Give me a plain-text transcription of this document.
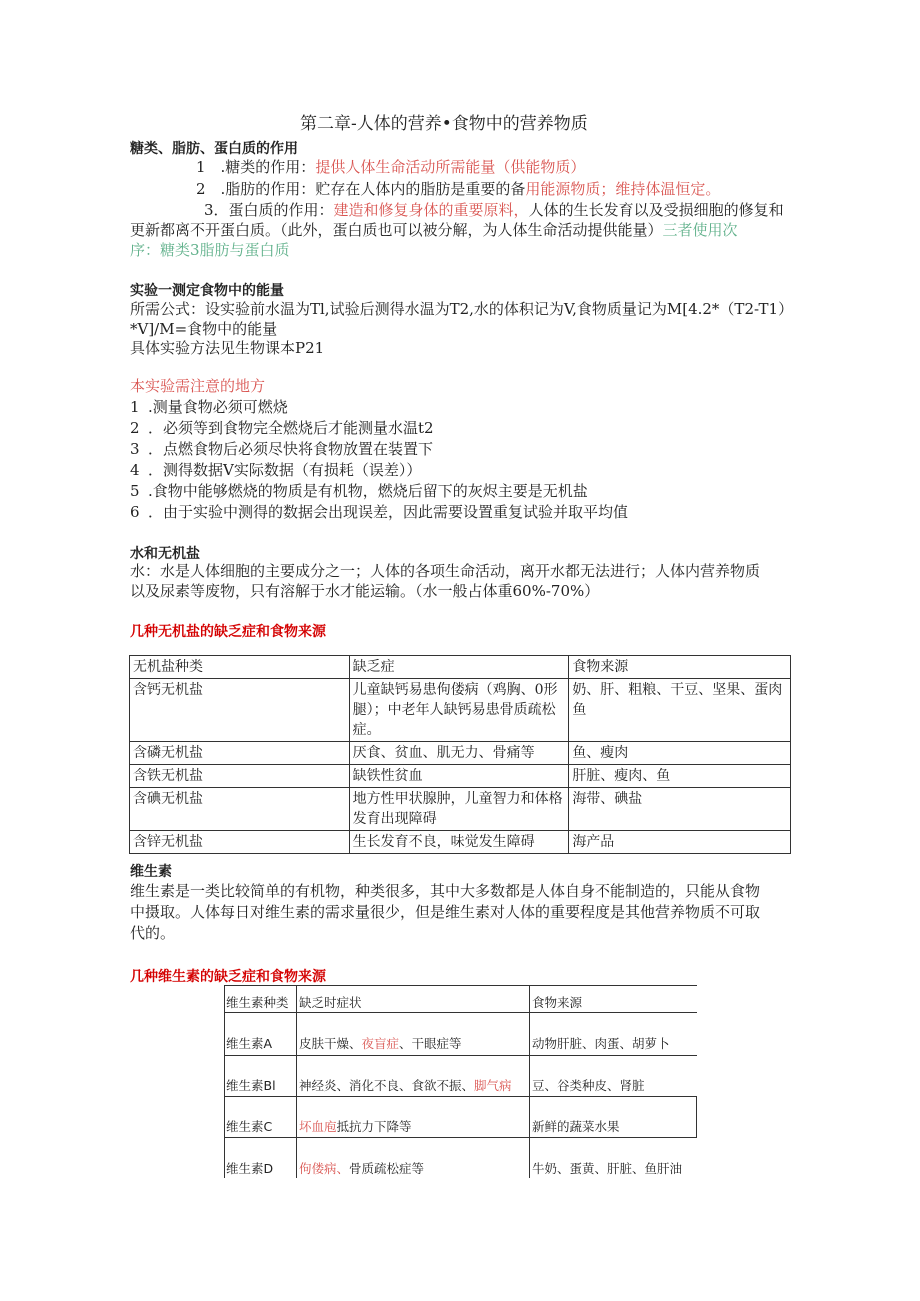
第二章-人体的营养•食物中的营养物质
糖类、脂肪、蛋白质的作用
1　.糖类的作用：提供人体生命活动所需能量（供能物质）
2　.脂肪的作用：贮存在人体内的脂肪是重要的备用能源物质；维持体温恒定。
3．蛋白质的作用：建造和修复身体的重要原料，人体的生长发育以及受损细胞的修复和
更新都离不开蛋白质。（此外，蛋白质也可以被分解，为人体生命活动提供能量）三者使用次
序：糖类3脂肪与蛋白质
实验一测定食物中的能量
所需公式：设实验前水温为Tl,试验后测得水温为T2,水的体积记为V,食物质量记为M[4.2*（T2-T1）
*V]/M=食物中的能量
具体实验方法见生物课本P21
本实验需注意的地方
1 .测量食物必须可燃烧
2 ．必须等到食物完全燃烧后才能测量水温t2
3 ．点燃食物后必须尽快将食物放置在装置下
4 ．测得数据V实际数据（有损耗（误差））
5 .食物中能够燃烧的物质是有机物，燃烧后留下的灰烬主要是无机盐
6 ．由于实验中测得的数据会出现误差，因此需要设置重复试验并取平均值
水和无机盐
水：水是人体细胞的主要成分之一；人体的各项生命活动，离开水都无法进行；人体内营养物质
以及尿素等废物，只有溶解于水才能运输。（水一般占体重60%-70%）
几种无机盐的缺乏症和食物来源
无机盐种类	缺乏症	食物来源
含钙无机盐	儿童缺钙易患佝偻病（鸡胸、0形腿）；中老年人缺钙易患骨质疏松症。	奶、肝、粗粮、干豆、坚果、蛋肉鱼
含磷无机盐	厌食、贫血、肌无力、骨痛等	鱼、瘦肉
含铁无机盐	缺铁性贫血	肝脏、瘦肉、鱼
含碘无机盐	地方性甲状腺肿，儿童智力和体格发育出现障碍	海带、碘盐
含锌无机盐	生长发育不良，味觉发生障碍	海产品
维生素
维生素是一类比较简单的有机物，种类很多，其中大多数都是人体自身不能制造的，只能从食物
中摄取。人体每日对维生素的需求量很少，但是维生素对人体的重要程度是其他营养物质不可取
代的。
几种维生素的缺乏症和食物来源
维生素种类 缺乏时症状	食物来源
维生素A 皮肤干燥、夜盲症、干眼症等	动物肝脏、肉蛋、胡萝卜
维生素Bl 神经炎、消化不良、食欲不振、脚气病 豆、谷类种皮、肾脏
维生素C 坏血庖抵抗力下降等	新鲜的蔬菜水果
维生素D 佝偻病、骨质疏松症等	牛奶、蛋黄、肝脏、鱼肝油
